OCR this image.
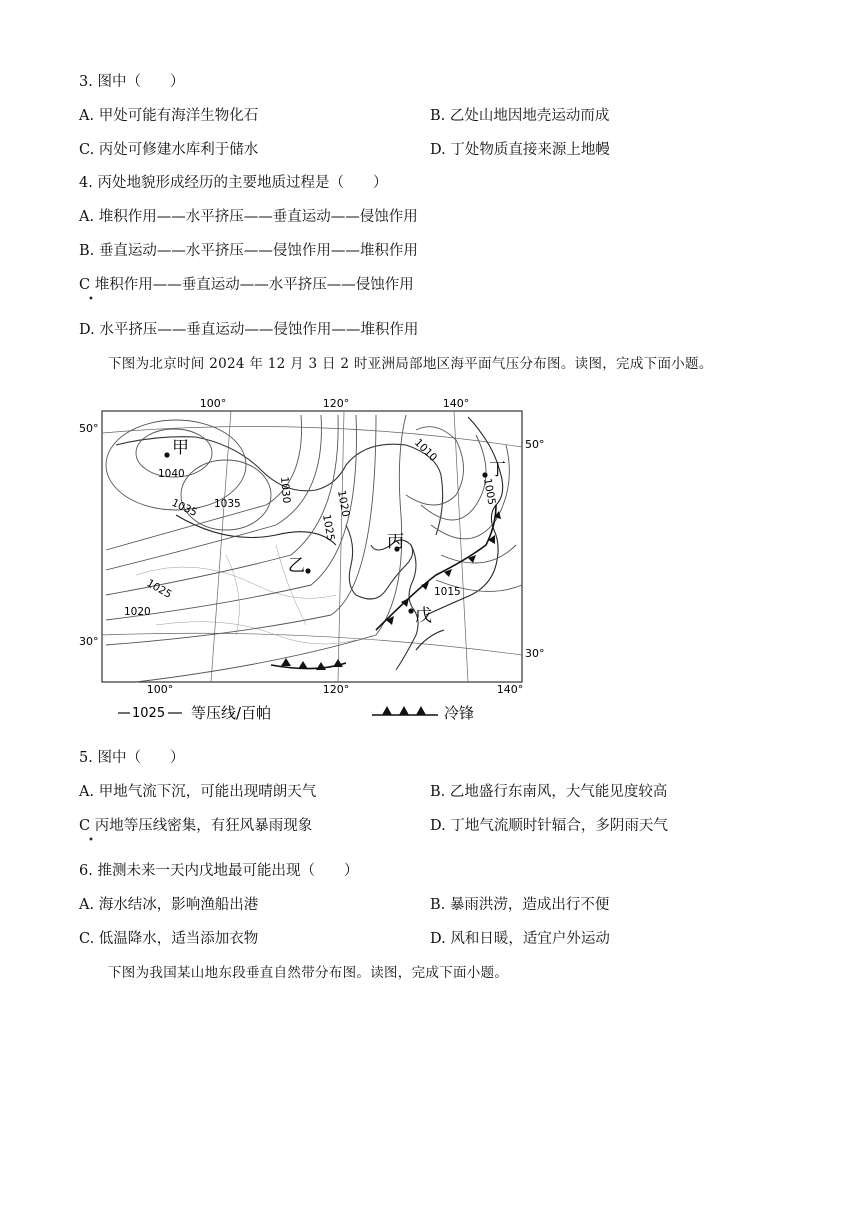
3. 图中（　　）
A. 甲处可能有海洋生物化石	B. 乙处山地因地壳运动而成
C. 丙处可修建水库利于储水	D. 丁处物质直接来源上地幔
4. 丙处地貌形成经历的主要地质过程是（　　）
A. 堆积作用——水平挤压——垂直运动——侵蚀作用
B. 垂直运动——水平挤压——侵蚀作用——堆积作用
C 堆积作用——垂直运动——水平挤压——侵蚀作用
•
D. 水平挤压——垂直运动——侵蚀作用——堆积作用
下图为北京时间 2024 年 12 月 3 日 2 时亚洲局部地区海平面气压分布图。读图，完成下面小题。
100°	120°	140°
100°	120°	140°
50°
30°
50°
30°
1040
1035 1035
1030
1025
1020
1010
1005
1025
1020
1015
甲
乙
丙
丁
戊
1025 等压线/百帕	冷锋
5. 图中（　　）
A. 甲地气流下沉，可能出现晴朗天气	B. 乙地盛行东南风，大气能见度较高
C 丙地等压线密集，有狂风暴雨现象	D. 丁地气流顺时针辐合，多阴雨天气
•
6. 推测未来一天内戊地最可能出现（　　）
A. 海水结冰，影响渔船出港	B. 暴雨洪涝，造成出行不便
C. 低温降水，适当添加衣物	D. 风和日暖，适宜户外运动
下图为我国某山地东段垂直自然带分布图。读图，完成下面小题。
